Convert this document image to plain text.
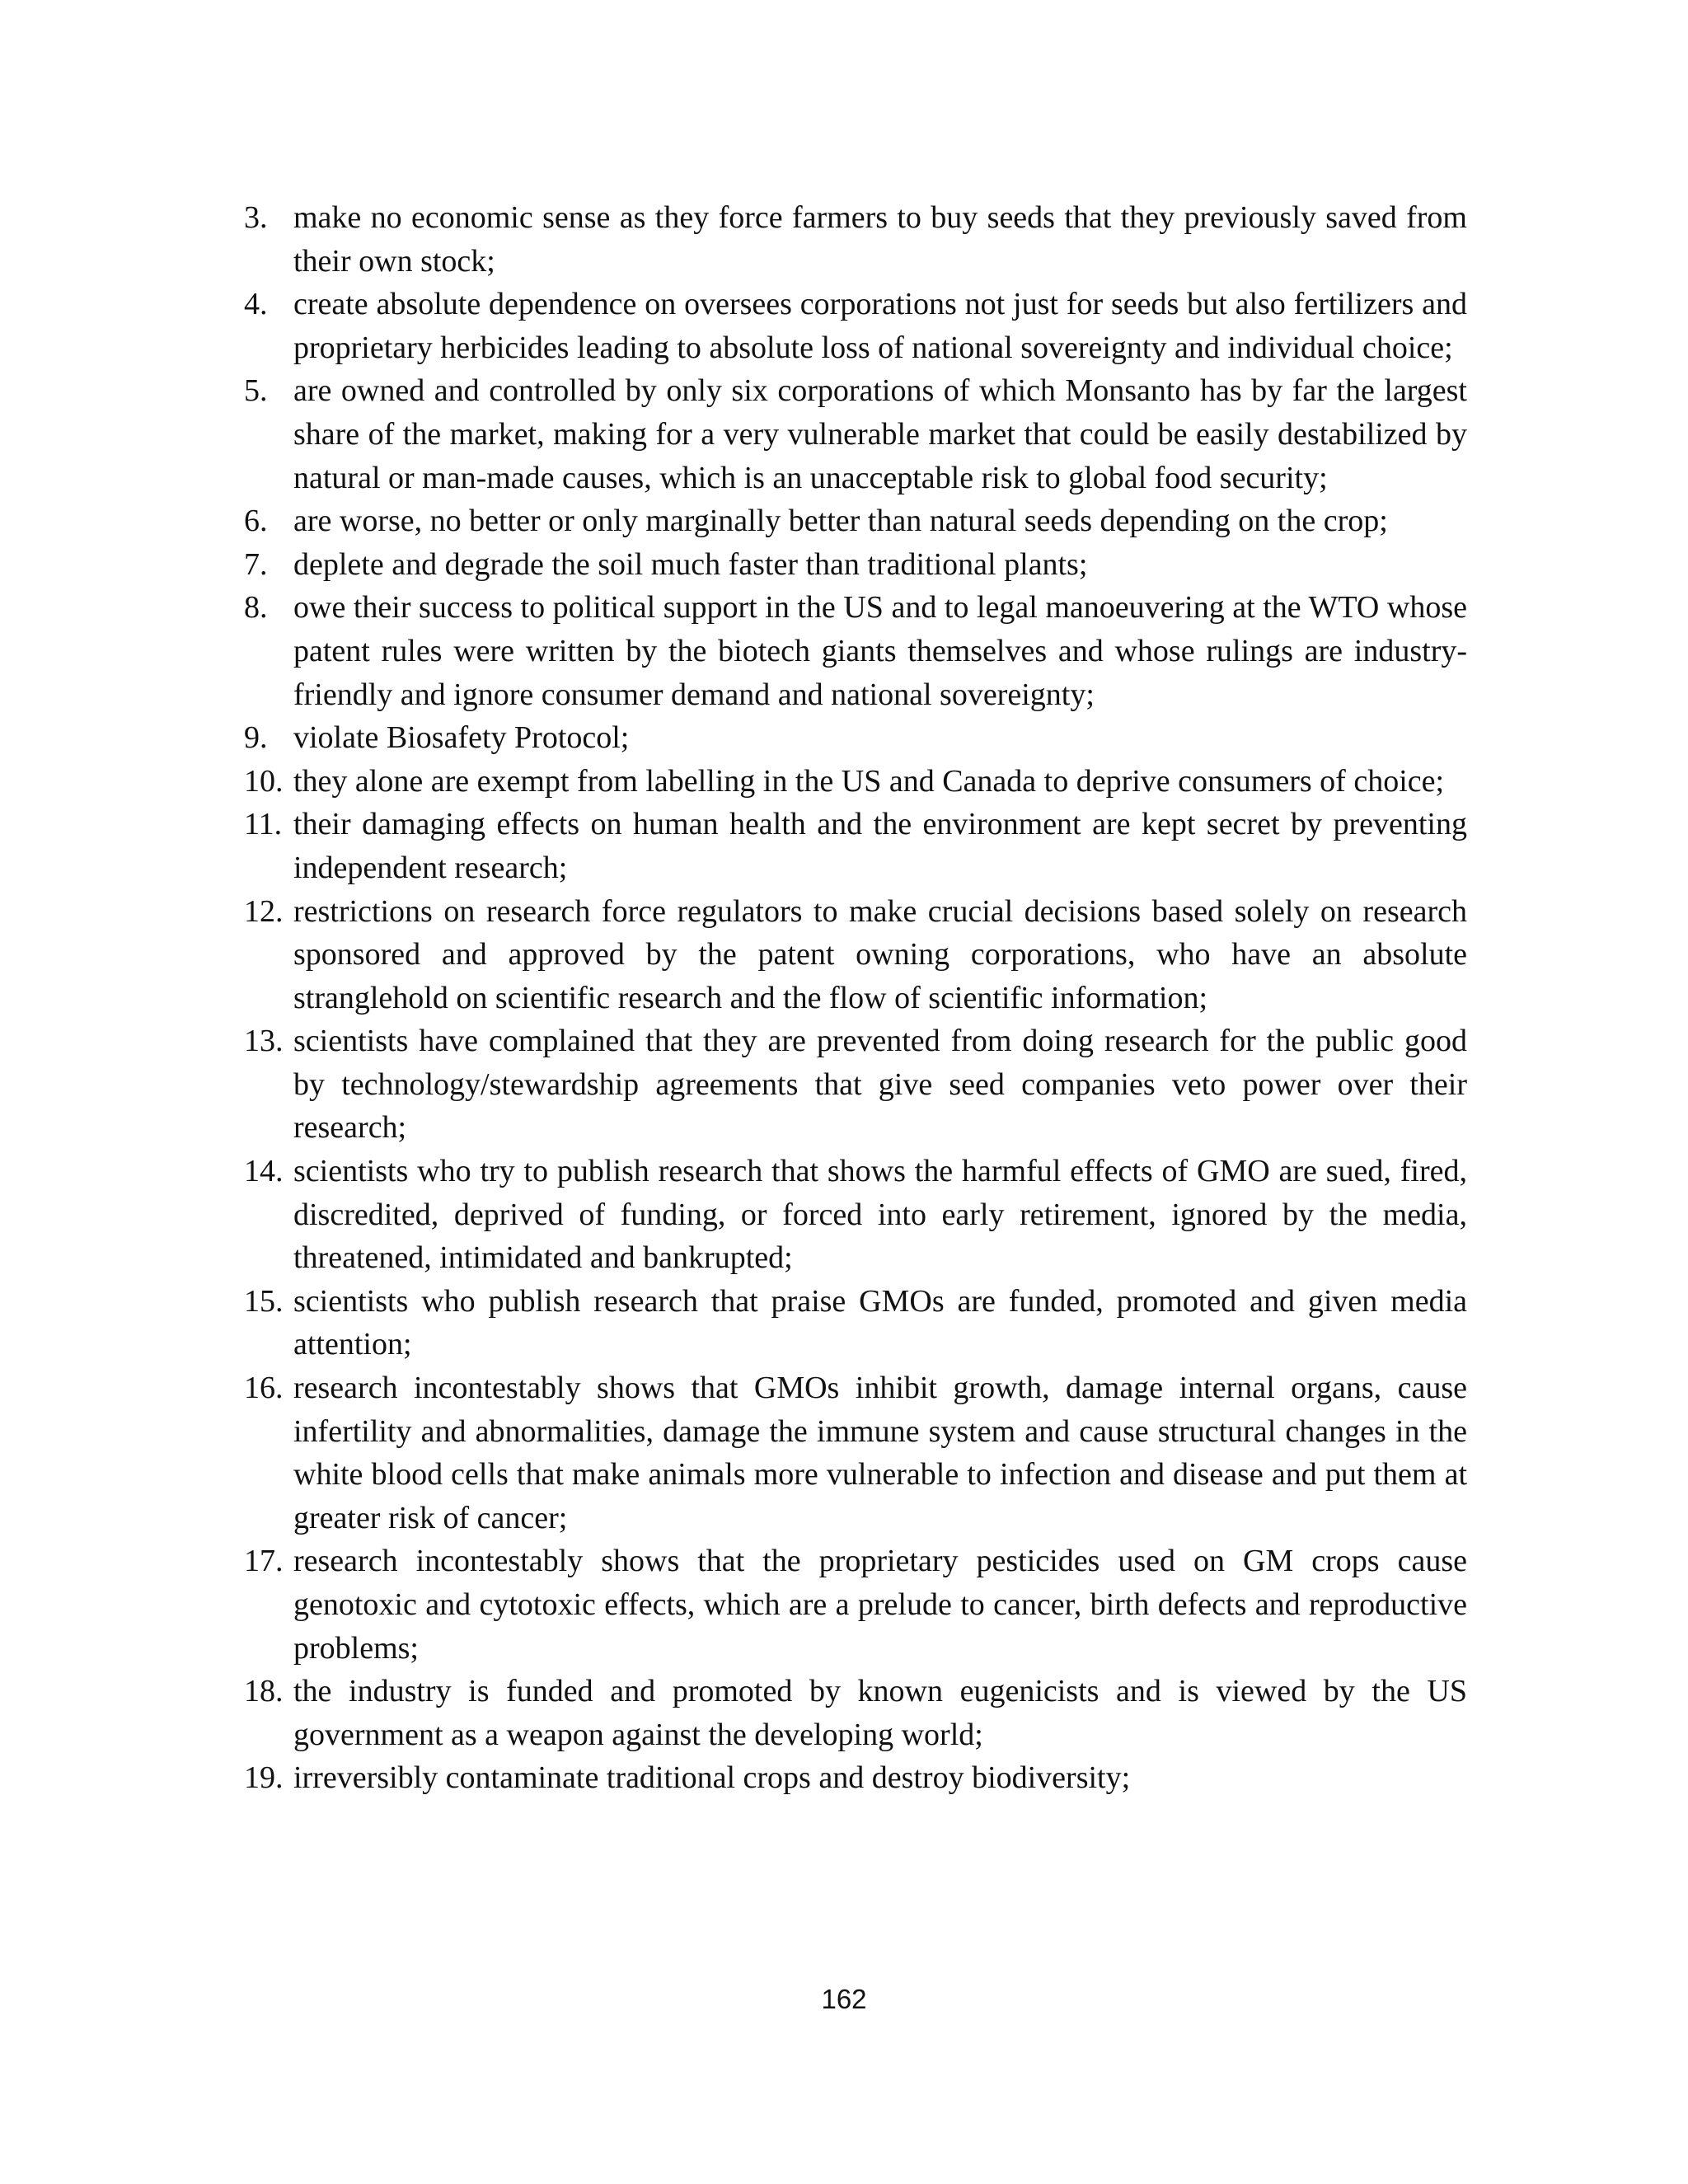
3. make no economic sense as they force farmers to buy seeds that they previously saved from their own stock;
4. create absolute dependence on oversees corporations not just for seeds but also fertilizers and proprietary herbicides leading to absolute loss of national sovereignty and individual choice;
5. are owned and controlled by only six corporations of which Monsanto has by far the largest share of the market, making for a very vulnerable market that could be easily destabilized by natural or man-made causes, which is an unacceptable risk to global food security;
6. are worse, no better or only marginally better than natural seeds depending on the crop;
7. deplete and degrade the soil much faster than traditional plants;
8. owe their success to political support in the US and to legal manoeuvering at the WTO whose patent rules were written by the biotech giants themselves and whose rulings are industry-friendly and ignore consumer demand and national sovereignty;
9. violate Biosafety Protocol;
10. they alone are exempt from labelling in the US and Canada to deprive consumers of choice;
11. their damaging effects on human health and the environment are kept secret by preventing independent research;
12. restrictions on research force regulators to make crucial decisions based solely on research sponsored and approved by the patent owning corporations, who have an absolute stranglehold on scientific research and the flow of scientific information;
13. scientists have complained that they are prevented from doing research for the public good by technology/stewardship agreements that give seed companies veto power over their research;
14. scientists who try to publish research that shows the harmful effects of GMO are sued, fired, discredited, deprived of funding, or forced into early retirement, ignored by the media, threatened, intimidated and bankrupted;
15. scientists who publish research that praise GMOs are funded, promoted and given media attention;
16. research incontestably shows that GMOs inhibit growth, damage internal organs, cause infertility and abnormalities, damage the immune system and cause structural changes in the white blood cells that make animals more vulnerable to infection and disease and put them at greater risk of cancer;
17. research incontestably shows that the proprietary pesticides used on GM crops cause genotoxic and cytotoxic effects, which are a prelude to cancer, birth defects and reproductive problems;
18. the industry is funded and promoted by known eugenicists and is viewed by the US government as a weapon against the developing world;
19. irreversibly contaminate traditional crops and destroy biodiversity;
162
